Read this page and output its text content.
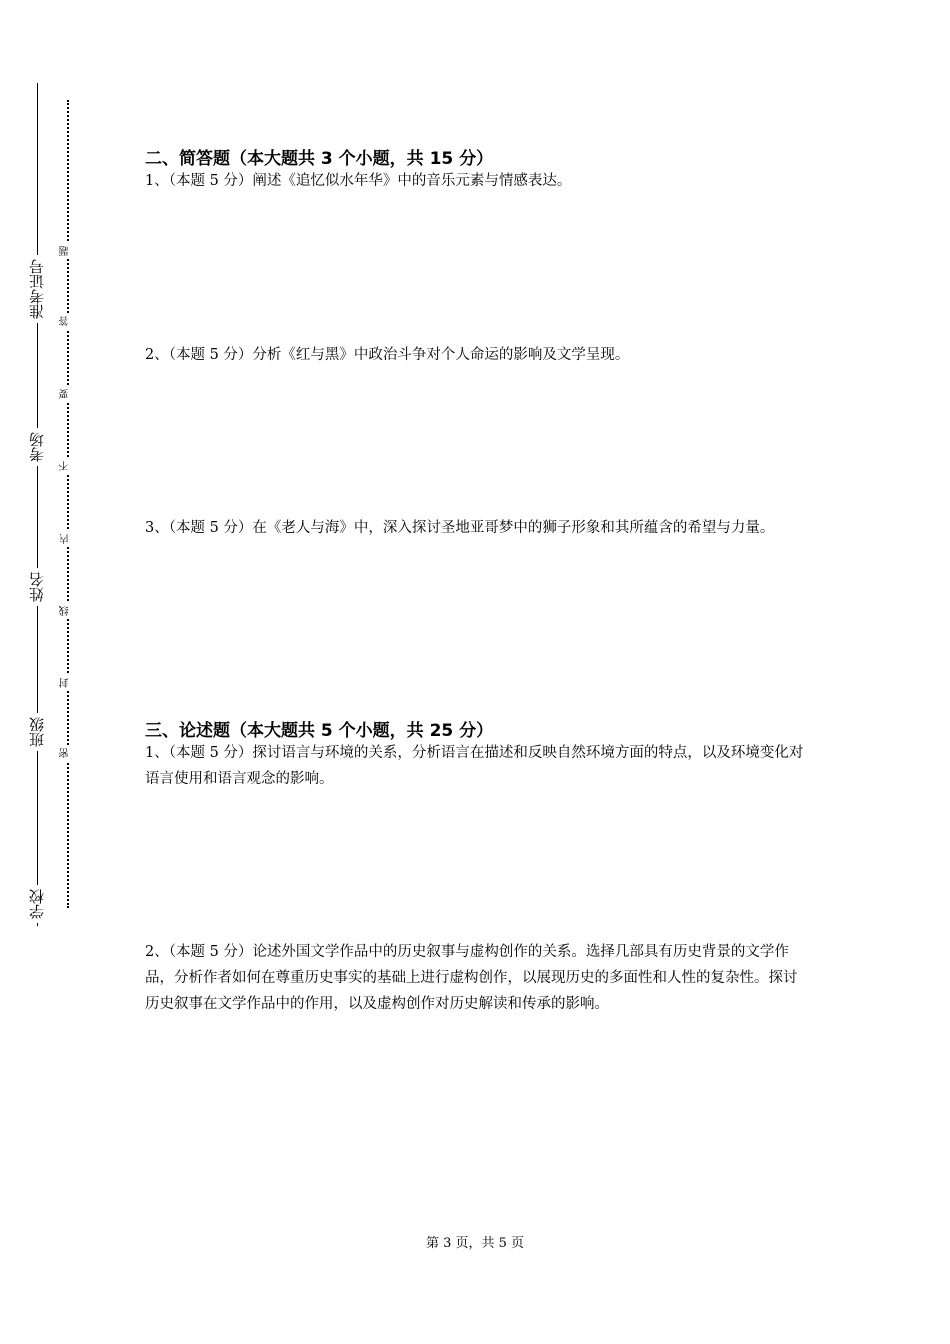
准考证号
考场
姓名
班级
学校
题
答
要
不
内
线
封
密
二、简答题（本大题共 3 个小题，共 15 分）
1、（本题 5 分）阐述《追忆似水年华》中的音乐元素与情感表达。
2、（本题 5 分）分析《红与黑》中政治斗争对个人命运的影响及文学呈现。
3、（本题 5 分）在《老人与海》中，深入探讨圣地亚哥梦中的狮子形象和其所蕴含的希望与力量。
三、论述题（本大题共 5 个小题，共 25 分）
1、（本题 5 分）探讨语言与环境的关系，分析语言在描述和反映自然环境方面的特点，以及环境变化对语言使用和语言观念的影响。
2、（本题 5 分）论述外国文学作品中的历史叙事与虚构创作的关系。选择几部具有历史背景的文学作品，分析作者如何在尊重历史事实的基础上进行虚构创作，以展现历史的多面性和人性的复杂性。探讨历史叙事在文学作品中的作用，以及虚构创作对历史解读和传承的影响。
第 3 页，共 5 页
